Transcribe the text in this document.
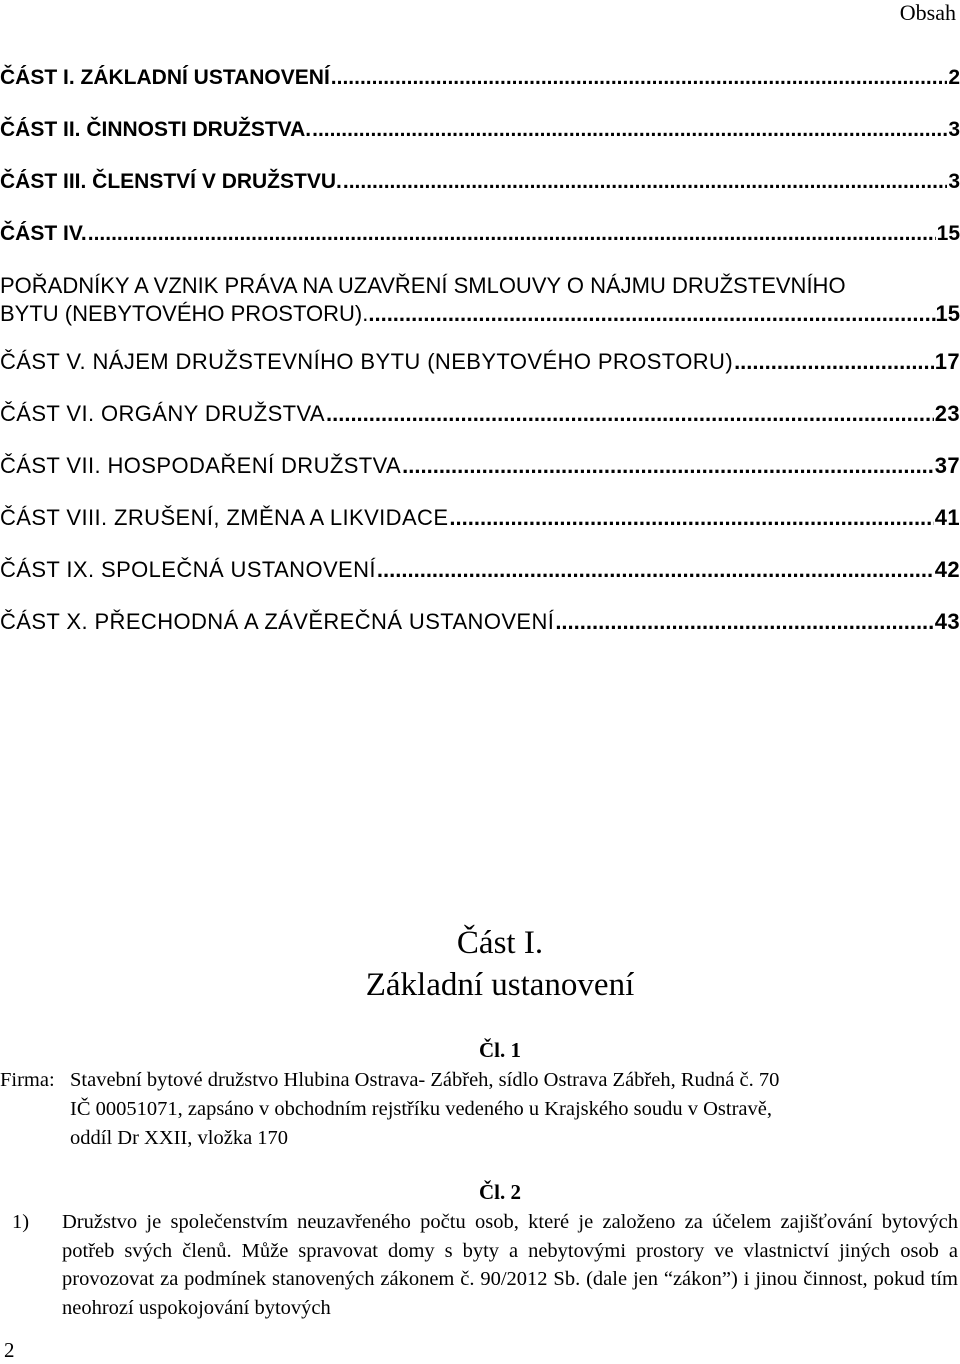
Obsah
ČÁST I. ZÁKLADNÍ USTANOVENÍ .....	2
ČÁST II. ČINNOSTI DRUŽSTVA. .....	3
ČÁST III. ČLENSTVÍ V DRUŽSTVU. .....	3
ČÁST IV. .....	15
POŘADNÍKY A VZNIK PRÁVA NA UZAVŘENÍ SMLOUVY O NÁJMU DRUŽSTEVNÍHO
BYTU (NEBYTOVÉHO PROSTORU). .....	15
ČÁST V. NÁJEM DRUŽSTEVNÍHO BYTU (NEBYTOVÉHO PROSTORU) .....	17
ČÁST VI. ORGÁNY DRUŽSTVA .....	23
ČÁST VII. HOSPODAŘENÍ DRUŽSTVA .....	37
ČÁST VIII. ZRUŠENÍ, ZMĚNA A LIKVIDACE .....	41
ČÁST IX. SPOLEČNÁ USTANOVENÍ .....	42
ČÁST X. PŘECHODNÁ A ZÁVĚREČNÁ USTANOVENÍ .....	43
Část I.
Základní ustanovení
Čl. 1
Firma: Stavební bytové družstvo Hlubina Ostrava- Zábřeh, sídlo Ostrava Zábřeh, Rudná č. 70
IČ 00051071, zapsáno v obchodním rejstříku vedeného u Krajského soudu v Ostravě,
oddíl Dr XXII, vložka 170
Čl. 2
1) Družstvo je společenstvím neuzavřeného počtu osob, které je založeno za účelem zajišťování bytových potřeb svých členů. Může spravovat domy s byty a nebytovými prostory ve vlastnictví jiných osob a provozovat za podmínek stanovených zákonem č. 90/2012 Sb. (dale jen “zákon”) i jinou činnost, pokud tím neohrozí uspokojování bytových
2
